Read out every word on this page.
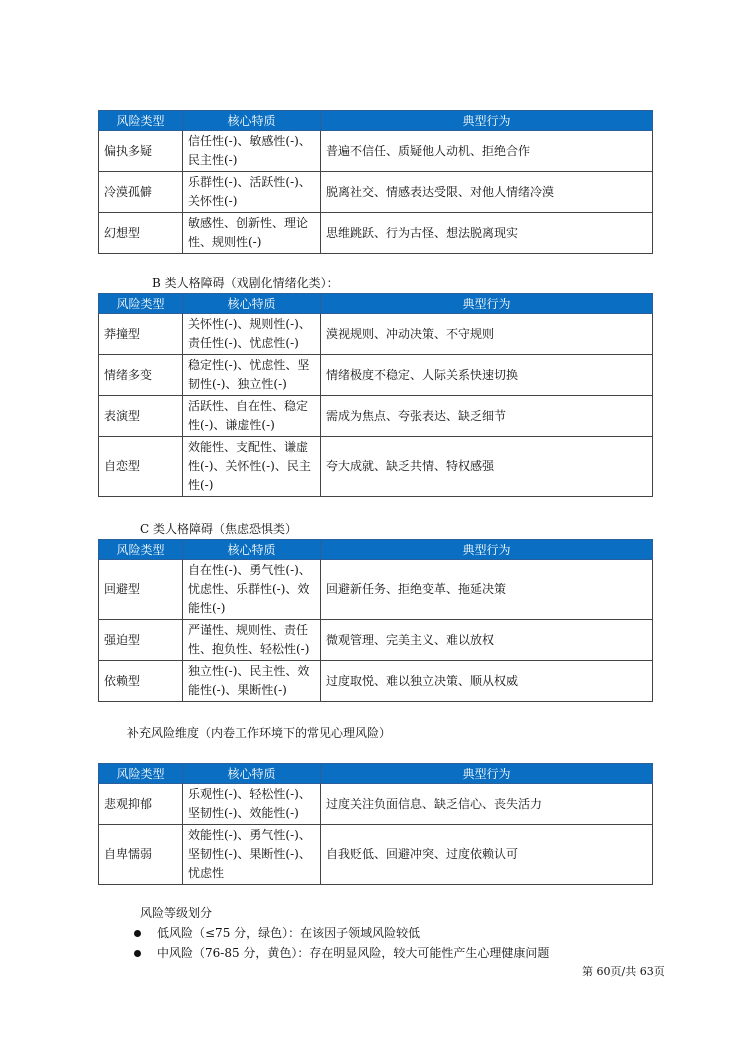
风险类型	核心特质	典型行为
偏执多疑	信任性(-)、敏感性(-)、民主性(-)	普遍不信任、质疑他人动机、拒绝合作
冷漠孤僻	乐群性(-)、活跃性(-)、关怀性(-)	脱离社交、情感表达受限、对他人情绪冷漠
幻想型	敏感性、创新性、理论性、规则性(-)	思维跳跃、行为古怪、想法脱离现实
B 类人格障碍（戏剧化情绪化类）：
风险类型	核心特质	典型行为
莽撞型	关怀性(-)、规则性(-)、责任性(-)、忧虑性(-)	漠视规则、冲动决策、不守规则
情绪多变	稳定性(-)、忧虑性、坚韧性(-)、独立性(-)	情绪极度不稳定、人际关系快速切换
表演型	活跃性、自在性、稳定性(-)、谦虚性(-)	需成为焦点、夸张表达、缺乏细节
自恋型	效能性、支配性、谦虚性(-)、关怀性(-)、民主性(-)	夸大成就、缺乏共情、特权感强
C 类人格障碍（焦虑恐惧类）
风险类型	核心特质	典型行为
回避型	自在性(-)、勇气性(-)、忧虑性、乐群性(-)、效能性(-)	回避新任务、拒绝变革、拖延决策
强迫型	严谨性、规则性、责任性、抱负性、轻松性(-)	微观管理、完美主义、难以放权
依赖型	独立性(-)、民主性、效能性(-)、果断性(-)	过度取悦、难以独立决策、顺从权威
补充风险维度（内卷工作环境下的常见心理风险）
风险类型	核心特质	典型行为
悲观抑郁	乐观性(-)、轻松性(-)、坚韧性(-)、效能性(-)	过度关注负面信息、缺乏信心、丧失活力
自卑懦弱	效能性(-)、勇气性(-)、坚韧性(-)、果断性(-)、忧虑性	自我贬低、回避冲突、过度依赖认可
风险等级划分
低风险（≤75 分，绿色）：在该因子领域风险较低
中风险（76-85 分，黄色）：存在明显风险，较大可能性产生心理健康问题
第 60页/共 63页
